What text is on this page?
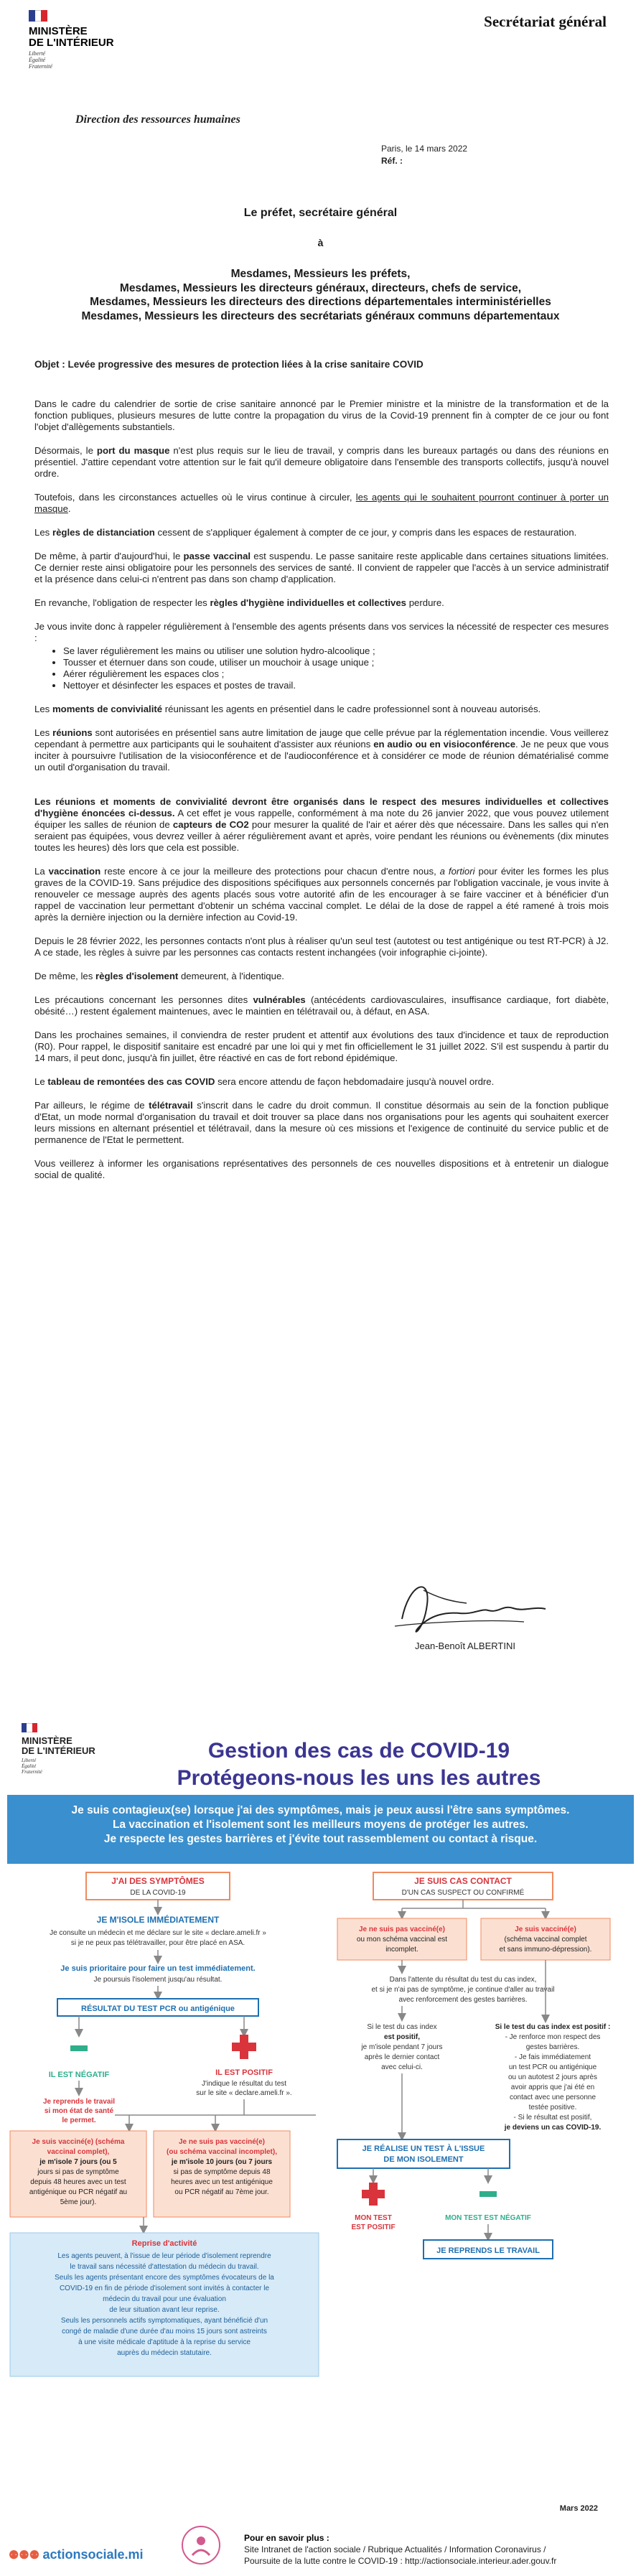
MINISTÈRE
DE L'INTÉRIEUR
Liberté
Égalité
Fraternité
Secrétariat général
Direction des ressources humaines
Paris, le 14 mars 2022
Réf. :
Le préfet, secrétaire général
à
Mesdames, Messieurs les préfets,
Mesdames, Messieurs les directeurs généraux, directeurs, chefs de service,
Mesdames, Messieurs les directeurs des directions départementales interministérielles
Mesdames, Messieurs les directeurs des secrétariats généraux communs départementaux
Objet : Levée progressive des mesures de protection liées à la crise sanitaire COVID

Dans le cadre du calendrier de sortie de crise sanitaire annoncé par le Premier ministre et la ministre de la transformation et de la fonction publiques, plusieurs mesures de lutte contre la propagation du virus de la Covid-19 prennent fin à compter de ce jour ou font l'objet d'allègements substantiels.

Désormais, le port du masque n'est plus requis sur le lieu de travail, y compris dans les bureaux partagés ou dans des réunions en présentiel. J'attire cependant votre attention sur le fait qu'il demeure obligatoire dans l'ensemble des transports collectifs, jusqu'à nouvel ordre.

Toutefois, dans les circonstances actuelles où le virus continue à circuler, les agents qui le souhaitent pourront continuer à porter un masque.

Les règles de distanciation cessent de s'appliquer également à compter de ce jour, y compris dans les espaces de restauration.

De même, à partir d'aujourd'hui, le passe vaccinal est suspendu. Le passe sanitaire reste applicable dans certaines situations limitées. Ce dernier reste ainsi obligatoire pour les personnels des services de santé. Il convient de rappeler que l'accès à un service administratif et la présence dans celui-ci n'entrent pas dans son champ d'application.

En revanche, l'obligation de respecter les règles d'hygiène individuelles et collectives perdure.

Je vous invite donc à rappeler régulièrement à l'ensemble des agents présents dans vos services la nécessité de respecter ces mesures :

• Se laver régulièrement les mains ou utiliser une solution hydro-alcoolique ;
• Tousser et éternuer dans son coude, utiliser un mouchoir à usage unique ;
• Aérer régulièrement les espaces clos ;
• Nettoyer et désinfecter les espaces et postes de travail.

Les moments de convivialité réunissant les agents en présentiel dans le cadre professionnel sont à nouveau autorisés.

Les réunions sont autorisées en présentiel sans autre limitation de jauge que celle prévue par la réglementation incendie. Vous veillerez cependant à permettre aux participants qui le souhaitent d'assister aux réunions en audio ou en visioconférence. Je ne peux que vous inciter à poursuivre l'utilisation de la visioconférence et de l'audioconférence et à considérer ce mode de réunion dématérialisé comme un outil d'organisation du travail.

Les réunions et moments de convivialité devront être organisés dans le respect des mesures individuelles et collectives d'hygiène énoncées ci-dessus. A cet effet je vous rappelle, conformément à ma note du 26 janvier 2022, que vous pouvez utilement équiper les salles de réunion de capteurs de CO2 pour mesurer la qualité de l'air et aérer dès que nécessaire. Dans les salles qui n'en seraient pas équipées, vous devrez veiller à aérer régulièrement avant et après, voire pendant les réunions ou évènements (dix minutes toutes les heures) dès lors que cela est possible.

La vaccination reste encore à ce jour la meilleure des protections pour chacun d'entre nous, a fortiori pour éviter les formes les plus graves de la COVID-19. Sans préjudice des dispositions spécifiques aux personnels concernés par l'obligation vaccinale, je vous invite à renouveler ce message auprès des agents placés sous votre autorité afin de les encourager à se faire vacciner et à bénéficier d'un rappel de vaccination leur permettant d'obtenir un schéma vaccinal complet. Le délai de la dose de rappel a été ramené à trois mois après la dernière injection ou la dernière infection au Covid-19.

Depuis le 28 février 2022, les personnes contacts n'ont plus à réaliser qu'un seul test (autotest ou test antigénique ou test RT-PCR) à J2. A ce stade, les règles à suivre par les personnes cas contacts restent inchangées (voir infographie ci-jointe).

De même, les règles d'isolement demeurent, à l'identique.

Les précautions concernant les personnes dites vulnérables (antécédents cardiovasculaires, insuffisance cardiaque, fort diabète, obésité…) restent également maintenues, avec le maintien en télétravail ou, à défaut, en ASA.

Dans les prochaines semaines, il conviendra de rester prudent et attentif aux évolutions des taux d'incidence et taux de reproduction (R0). Pour rappel, le dispositif sanitaire est encadré par une loi qui y met fin officiellement le 31 juillet 2022. S'il est suspendu à partir du 14 mars, il peut donc, jusqu'à fin juillet, être réactivé en cas de fort rebond épidémique.

Le tableau de remontées des cas COVID sera encore attendu de façon hebdomadaire jusqu'à nouvel ordre.

Par ailleurs, le régime de télétravail s'inscrit dans le cadre du droit commun. Il constitue désormais au sein de la fonction publique d'Etat, un mode normal d'organisation du travail et doit trouver sa place dans nos organisations pour les agents qui souhaitent exercer leurs missions en alternant présentiel et télétravail, dans la mesure où ces missions et l'exigence de continuité du service public et de permanence de l'Etat le permettent.

Vous veillerez à informer les organisations représentatives des personnels de ces nouvelles dispositions et à entretenir un dialogue social de qualité.

Jean-Benoît ALBERTINI
MINISTÈRE
DE L'INTÉRIEUR
Liberté
Égalité
Fraternité
Gestion des cas de COVID-19
Protégeons-nous les uns les autres
Je suis contagieux(se) lorsque j'ai des symptômes, mais je peux aussi l'être sans symptômes.
La vaccination et l'isolement sont les meilleurs moyens de protéger les autres.
Je respecte les gestes barrières et j'évite tout rassemblement ou contact à risque.
J'AI DES SYMPTÔMES
DE LA COVID-19
JE M'ISOLE IMMÉDIATEMENT
Je consulte un médecin et me déclare sur le site « declare.ameli.fr »
si je ne peux pas télétravailler, pour être placé en ASA.
Je suis prioritaire pour faire un test immédiatement.
Je poursuis l'isolement jusqu'au résultat.
RÉSULTAT DU TEST PCR ou antigénique
IL EST NÉGATIF
Je reprends le travail
si mon état de santé
le permet.
IL EST POSITIF
J'indique le résultat du test
sur le site « declare.ameli.fr ».
Je suis vacciné(e) (schéma
vaccinal complet),
je m'isole 7 jours (ou 5
jours si pas de symptôme
depuis 48 heures avec un test
antigénique ou PCR négatif au
5ème jour).
Je ne suis pas vacciné(e)
(ou schéma vaccinal incomplet),
je m'isole 10 jours (ou 7 jours
si pas de symptôme depuis 48
heures avec un test antigénique
ou PCR négatif au 7ème jour.
Reprise d'activité
Les agents peuvent, à l'issue de leur période d'isolement reprendre
le travail sans nécessité d'attestation du médecin du travail.
Seuls les agents présentant encore des symptômes évocateurs de la
COVID-19 en fin de période d'isolement sont invités à contacter le
médecin du travail pour une évaluation
de leur situation avant leur reprise.
Seuls les personnels actifs symptomatiques, ayant bénéficié d'un
congé de maladie d'une durée d'au moins 15 jours sont astreints
à une visite médicale d'aptitude à la reprise du service
auprès du médecin statutaire.
JE SUIS CAS CONTACT
D'UN CAS SUSPECT OU CONFIRMÉ
Je ne suis pas vacciné(e)
ou mon schéma vaccinal est
incomplet.
Je suis vacciné(e)
(schéma vaccinal complet
et sans immuno-dépression).
Dans l'attente du résultat du test du cas index,
et si je n'ai pas de symptôme, je continue d'aller au travail
avec renforcement des gestes barrières.
Si le test du cas index
est positif,
je m'isole pendant 7 jours
après le dernier contact
avec celui-ci.
Si le test du cas index est positif :
- Je renforce mon respect des
gestes barrières.
- Je fais immédiatement
un test PCR ou antigénique
ou un autotest 2 jours après
avoir appris que j'ai été en
contact avec une personne
testée positive.
- Si le résultat est positif,
je deviens un cas COVID-19.
JE RÉALISE UN TEST À L'ISSUE
DE MON ISOLEMENT
MON TEST
EST POSITIF
MON TEST EST NÉGATIF
JE REPRENDS LE TRAVAIL
Mars 2022
⚉⚉⚉ actionsociale.mi
Pour en savoir plus :
Site Intranet de l'action sociale / Rubrique Actualités / Information Coronavirus /
Poursuite de la lutte contre le COVID-19 : http://actionsociale.interieur.ader.gouv.fr
